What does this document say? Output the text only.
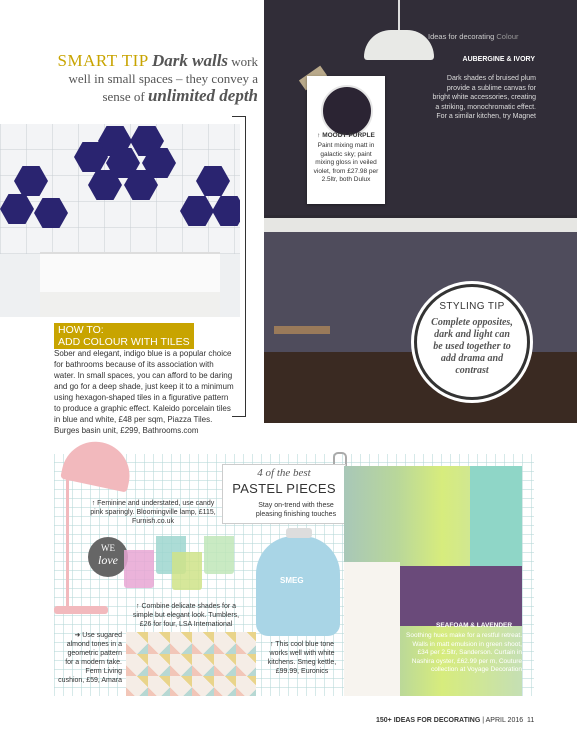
SMART TIP Dark walls work well in small spaces – they convey a sense of unlimited depth
HOW TO:
ADD COLOUR WITH TILES
Sober and elegant, indigo blue is a popular choice for bathrooms because of its association with water. In small spaces, you can afford to be daring and go for a deep shade, just keep it to a minimum using hexagon-shaped tiles in a figurative pattern to produce a graphic effect. Kaleido porcelain tiles in blue and white, £48 per sqm, Piazza Tiles. Burges basin unit, £299, Bathrooms.com
Ideas for decorating Colour
AUBERGINE & IVORY
Dark shades of bruised plum provide a sublime canvas for bright white accessories, creating a striking, monochromatic effect. For a similar kitchen, try Magnet
↑ MOODY PURPLE
Paint mixing matt in galactic sky; paint mixing gloss in veiled violet, from £27.98 per 2.5ltr, both Dulux
STYLING TIP
Complete opposites, dark and light can be used together to add drama and contrast
↑ Feminine and understated, use candy pink sparingly. Bloomingville lamp, £115, Furnish.co.uk
WE
love
↑ Combine delicate shades for a simple but elegant look. Tumblers, £26 for four, LSA International
➜ Use sugared almond tones in a geometric pattern for a modern take. Ferm Living cushion, £59, Amara
SMEG
↑ This cool blue tone works well with white kitchens. Smeg kettle, £99.99, Euronics
4 of the best
PASTEL PIECES
Stay on-trend with these pleasing finishing touches
SEAFOAM & LAVENDER
Soothing hues make for a restful retreat. Walls in matt emulsion in green shoot, £34 per 2.5ltr, Sanderson. Curtain in Nashira oyster, £62.99 per m, Couture collection at Voyage Decoration
150+ IDEAS FOR DECORATING | APRIL 2016 11
